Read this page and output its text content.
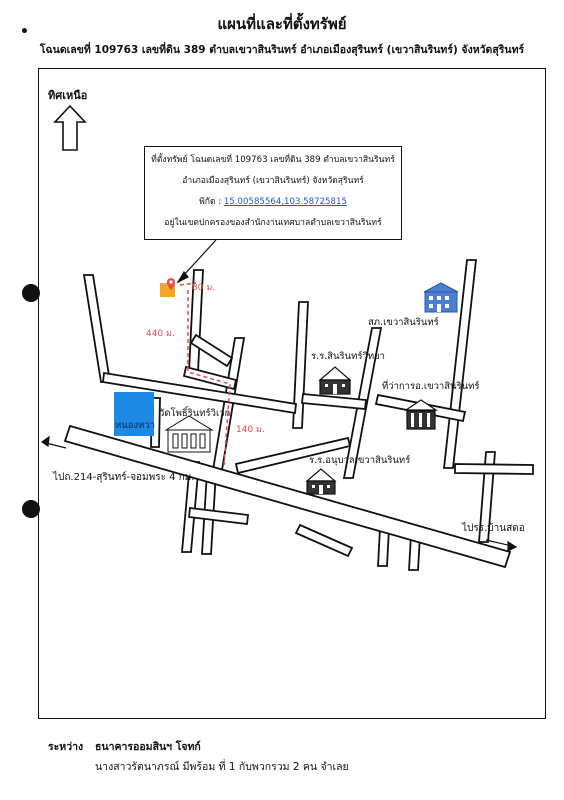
•	แผนที่และที่ตั้งทรัพย์
โฉนดเลขที่ 109763 เลขที่ดิน 389 ตำบลเขวาสินรินทร์ อำเภอเมืองสุรินทร์ (เขวาสินรินทร์) จังหวัดสุรินทร์
ทิศเหนือ
ที่ตั้งทรัพย์ โฉนดเลขที่ 109763 เลขที่ดิน 389 ตำบลเขวาสินรินทร์
อำเภอเมืองสุรินทร์ (เขวาสินรินทร์) จังหวัดสุรินทร์
พิกัด : 15.00585564,103.58725815
อยู่ในเขตปกครองของสำนักงานเทศบาลตำบลเขวาสินรินทร์
80 ม.
440 ม.
140 ม.
สภ.เขวาสินรินทร์
ร.ร.สินรินทร์วิทยา
ที่ว่าการอ.เขวาสินรินทร์
ร.ร.อนุบาลเขวาสินรินทร์
วัดโพธิ์รินทร์วิเวก
หนองหวา
ไปถ.214-สุรินทร์-จอมพระ 4 กม.
ไปรร.บ้านสดอ
ระหว่าง ธนาคารออมสินฯ โจทก์
นางสาวรัตนาภรณ์ มีพร้อม ที่ 1 กับพวกรวม 2 คน จำเลย
